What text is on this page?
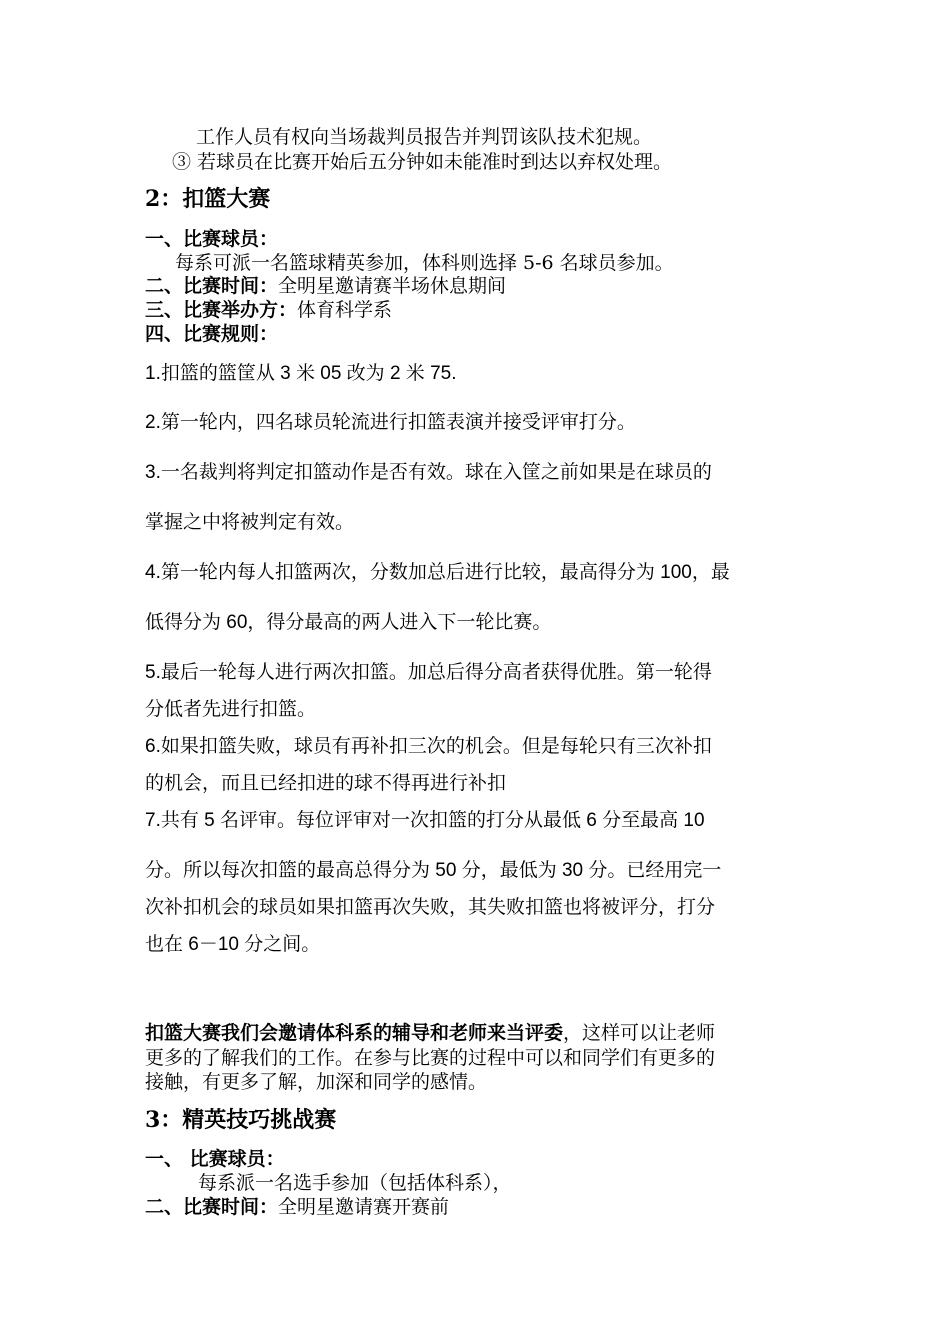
工作人员有权向当场裁判员报告并判罚该队技术犯规。
③ 若球员在比赛开始后五分钟如未能准时到达以弃权处理。
2：扣篮大赛
一、比赛球员：
每系可派一名篮球精英参加，体科则选择 5-6 名球员参加。
二、比赛时间：全明星邀请赛半场休息期间
三、比赛举办方：体育科学系
四、比赛规则：
1.扣篮的篮筐从 3 米 05 改为 2 米 75.
2.第一轮内，四名球员轮流进行扣篮表演并接受评审打分。
3.一名裁判将判定扣篮动作是否有效。球在入筐之前如果是在球员的
掌握之中将被判定有效。
4.第一轮内每人扣篮两次，分数加总后进行比较，最高得分为 100，最
低得分为 60，得分最高的两人进入下一轮比赛。
5.最后一轮每人进行两次扣篮。加总后得分高者获得优胜。第一轮得
分低者先进行扣篮。
6.如果扣篮失败，球员有再补扣三次的机会。但是每轮只有三次补扣
的机会，而且已经扣进的球不得再进行补扣
7.共有 5 名评审。每位评审对一次扣篮的打分从最低 6 分至最高 10
分。所以每次扣篮的最高总得分为 50 分，最低为 30 分。已经用完一
次补扣机会的球员如果扣篮再次失败，其失败扣篮也将被评分，打分
也在 6－10 分之间。
扣篮大赛我们会邀请体科系的辅导和老师来当评委，这样可以让老师
更多的了解我们的工作。在参与比赛的过程中可以和同学们有更多的
接触，有更多了解，加深和同学的感情。
3：精英技巧挑战赛
一、 比赛球员：
每系派一名选手参加（包括体科系），
二、比赛时间：全明星邀请赛开赛前
